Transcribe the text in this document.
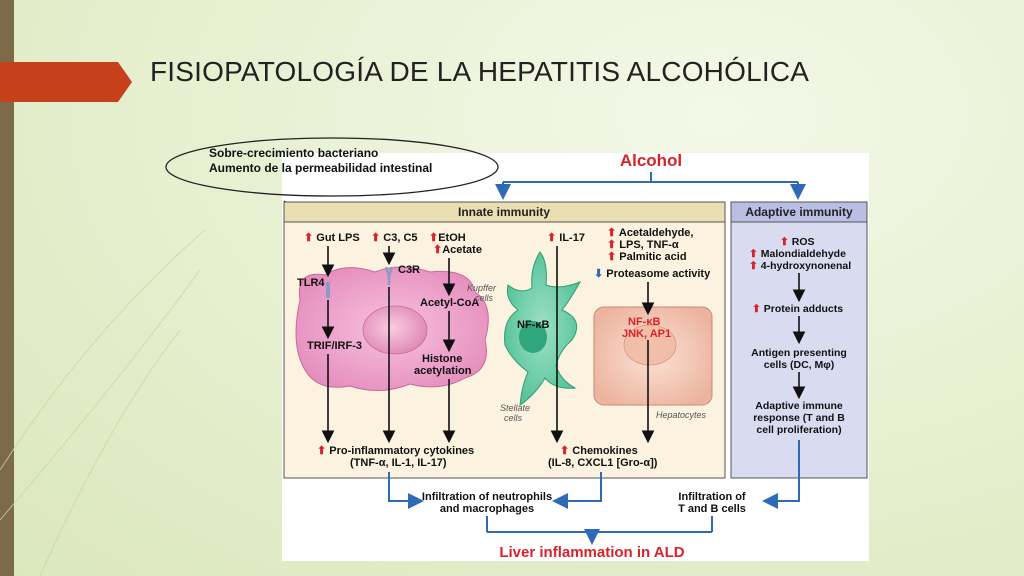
FISIOPATOLOGÍA DE LA HEPATITIS ALCOHÓLICA
Alcohol
Innate immunity	Adaptive immunity
⬆ Gut LPS ⬆ C3, C5 ⬆EtOH
⬆Acetate
⬆ IL-17 ⬆ Acetaldehyde,
⬆ LPS, TNF-α
⬆ Palmitic acid
⬇ Proteasome activity
TLR4
C3R
Acetyl-CoA
TRIF/IRF-3
Histone
acetylation
NF-κB	NF-κB
JNK, AP1
⬆ Pro-inflammatory cytokines
(TNF-α, IL-1, IL-17)
⬆ Chemokines
(IL-8, CXCL1 [Gro-α])
Kupffer
cells
Stellate
cells	Hepatocytes
⬆ ROS
⬆ Malondialdehyde
⬆ 4-hydroxynonenal
⬆ Protein adducts
Antigen presenting
cells (DC, Mφ)
Adaptive immune
response (T and B
cell proliferation)
Infiltration of neutrophils
and macrophages
Infiltration of
T and B cells
Liver inflammation in ALD
Sobre-crecimiento bacteriano
Aumento de la permeabilidad intestinal
